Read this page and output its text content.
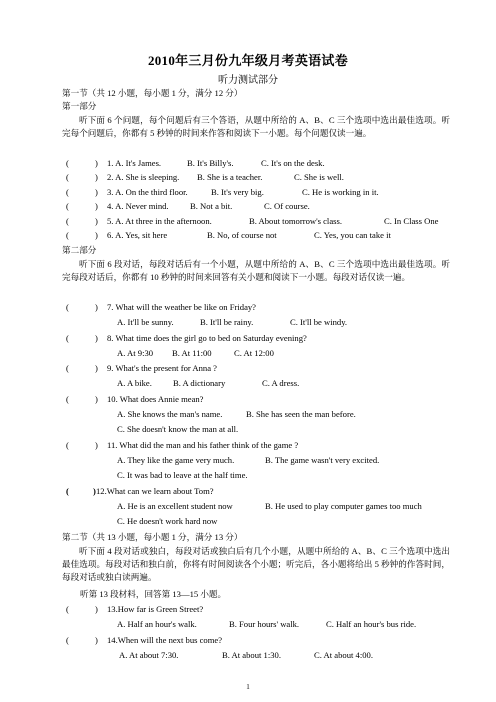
2010年三月份九年级月考英语试卷
听力测试部分
第一节（共 12 小题，每小题 1 分，满分 12 分）
第一部分
听下面 6 个问题，每个问题后有三个答语，从题中所给的 A、B、C 三个选项中选出最佳选项。听完每个问题后，你都有 5 秒钟的时间来作答和阅读下一小题。每个问题仅读一遍。
(	) 1. A. It's James.	B. It's Billy's.	C. It's on the desk.
(	) 2. A. She is sleeping. B. She is a teacher.	C. She is well.
(	) 3. A. On the third floor.	B. It's very big.	C. He is working in it.
(	) 4. A. Never mind. B. Not a bit.	C. Of course.
(	) 5. A. At three in the afternoon.	B. About tomorrow's class.	C. In Class One
(	) 6. A. Yes, sit here	B. No, of course not	C. Yes, you can take it
第二部分
听下面 6 段对话，每段对话后有一个小题，从题中所给的 A、B、C 三个选项中选出最佳选项。听完每段对话后，你都有 10 秒钟的时间来回答有关小题和阅读下一小题。每段对话仅读一遍。
(	) 7. What will the weather be like on Friday?
A. It'll be sunny.	B. It'll be rainy.	C. It'll be windy.
(	) 8. What time does the girl go to bed on Saturday evening?
A. At 9:30 B. At 11:00	C. At 12:00
(	) 9. What's the present for Anna ?
A. A bike. B. A dictionary	C. A dress.
(	) 10. What does Annie mean?
A. She knows the man's name.	B. She has seen the man before.
C. She doesn't know the man at all.
(	) 11. What did the man and his father think of the game ?
A. They like the game very much.	B. The game wasn't very excited.
C. It was bad to leave at the half time.
(	) 12.What can we learn about Tom?
A. He is an excellent student now	B. He used to play computer games too much
C. He doesn't work hard now
第二节（共 13 小题，每小题 1 分，满分 13 分）
听下面 4 段对话或独白，每段对话或独白后有几个小题，从题中所给的 A、B、C 三个选项中选出最佳选项。每段对话和独白前，你将有时间阅读各个小题；听完后，各小题将给出 5 秒钟的作答时间，每段对话或独白读两遍。
听第 13 段材料，回答第 13—15 小题。
(	) 13.How far is Green Street?
A. Half an hour's walk.	B. Four hours' walk.	C. Half an hour's bus ride.
(	) 14.When will the next bus come?
A. At about 7:30.	B. At about 1:30.	C. At about 4:00.
1
